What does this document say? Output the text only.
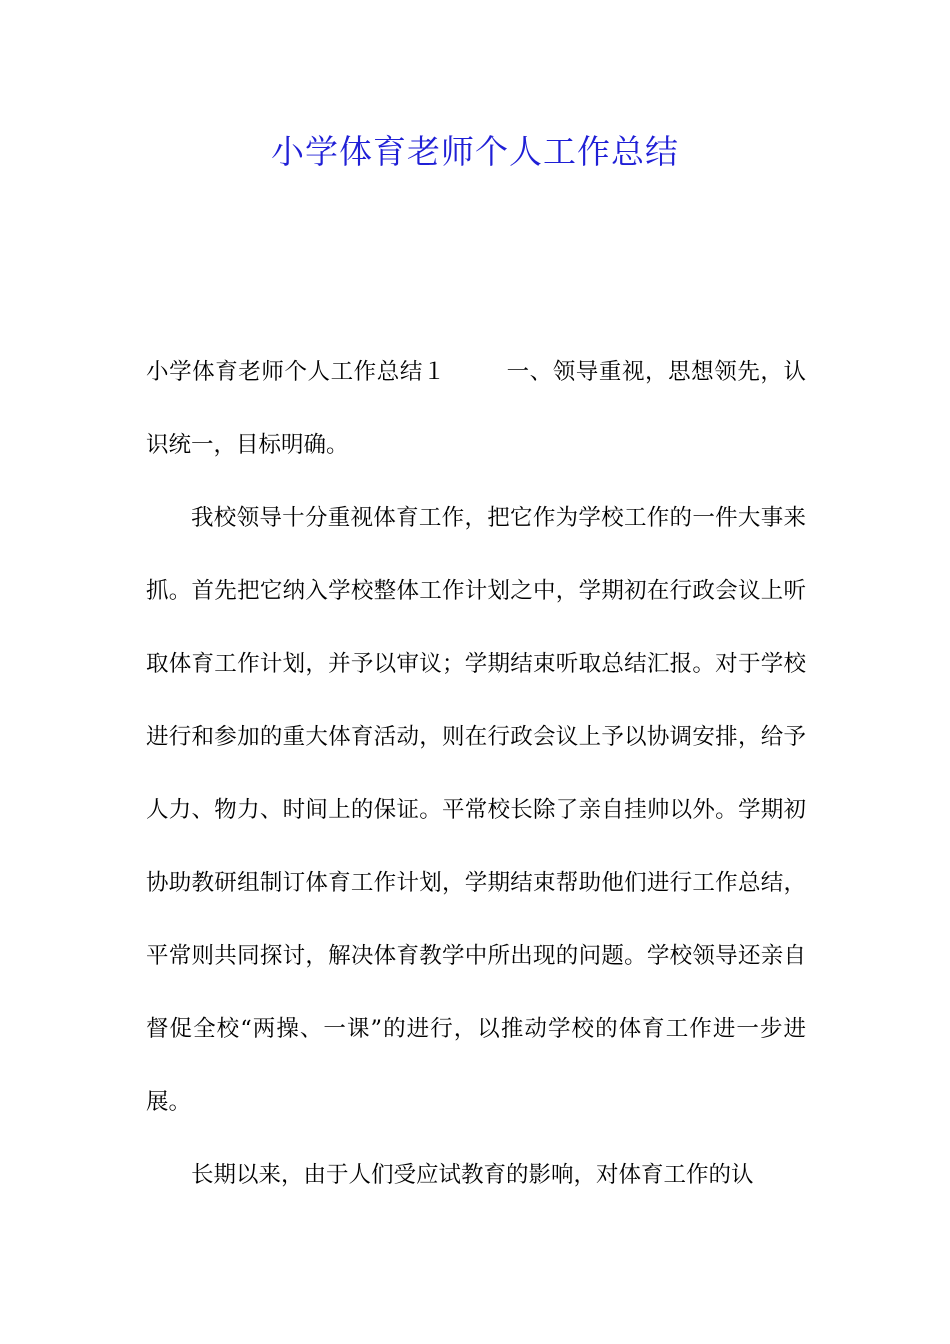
小学体育老师个人工作总结

小学体育老师个人工作总结１	一、领导重视，思想领先，认识统一，目标明确。

我校领导十分重视体育工作，把它作为学校工作的一件大事来抓。首先把它纳入学校整体工作计划之中，学期初在行政会议上听取体育工作计划，并予以审议；学期结束听取总结汇报。对于学校进行和参加的重大体育活动，则在行政会议上予以协调安排，给予人力、物力、时间上的保证。平常校长除了亲自挂帅以外。学期初协助教研组制订体育工作计划，学期结束帮助他们进行工作总结，平常则共同探讨，解决体育教学中所出现的问题。学校领导还亲自督促全校“两操、一课”的进行，以推动学校的体育工作进一步进展。

长期以来，由于人们受应试教育的影响，对体育工作的认
